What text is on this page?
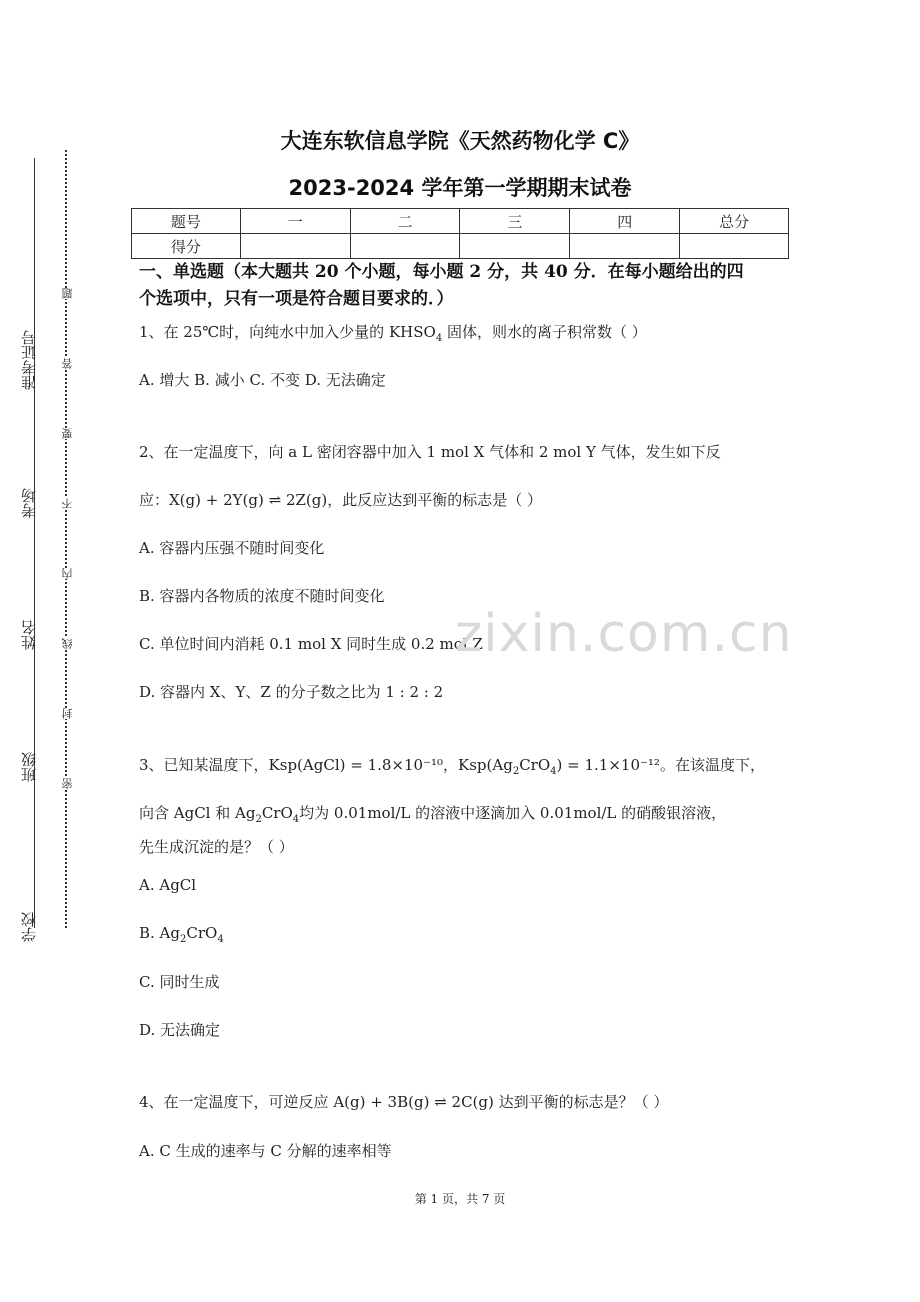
准考证号
考场
姓名
班级
学校
题
答
要
不
内
线
封
密
大连东软信息学院《天然药物化学 C》
2023-2024 学年第一学期期末试卷
题号	一	二	三	四	总分
得分					
一、单选题（本大题共 20 个小题，每小题 2 分，共 40 分．在每小题给出的四
个选项中，只有一项是符合题目要求的．）
1、在 25℃时，向纯水中加入少量的 $KHSO_4$ 固体，则水的离子积常数（ ）
A. 增大 B. 减小 C. 不变 D. 无法确定
2、在一定温度下，向 a L 密闭容器中加入 1 mol X 气体和 2 mol Y 气体，发生如下反
应：X(g) + 2Y(g) ⇌ 2Z(g)，此反应达到平衡的标志是（ ）
A. 容器内压强不随时间变化
B. 容器内各物质的浓度不随时间变化
C. 单位时间内消耗 0.1 mol X 同时生成 0.2 mol Z
D. 容器内 X、Y、Z 的分子数之比为 1 : 2 : 2
3、已知某温度下，Ksp(AgCl) = 1.8×10⁻¹⁰，$Ksp(Ag_2CrO_4) = 1.1\times 10^{-12}$。在该温度下，
向含 AgCl 和 $Ag_2CrO_4$均为 0.01mol/L 的溶液中逐滴加入 0.01mol/L 的硝酸银溶液，
先生成沉淀的是？（ ）
A. AgCl
B. $Ag_2CrO_4$
C. 同时生成
D. 无法确定
4、在一定温度下，可逆反应 A(g) + 3B(g) ⇌ 2C(g) 达到平衡的标志是？（ ）
A. C 生成的速率与 C 分解的速率相等
zixin.com.cn
第 1 页，共 7 页
